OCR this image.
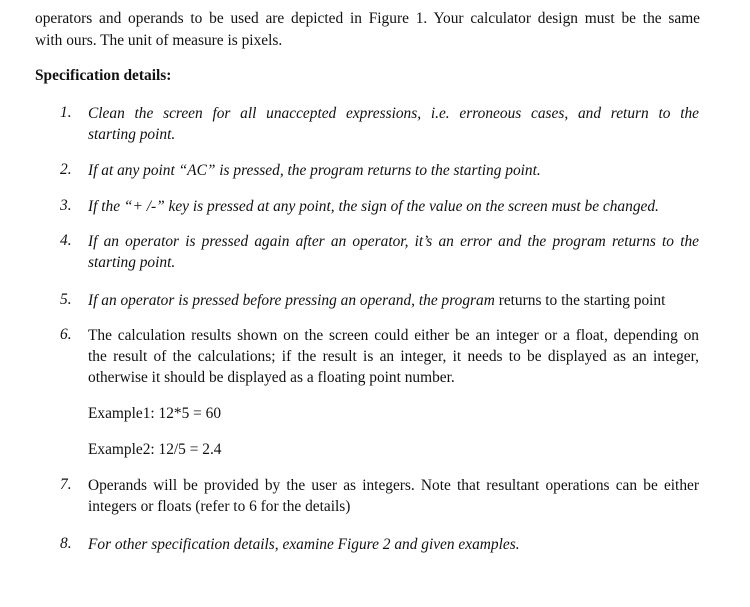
operators and operands to be used are depicted in Figure 1. Your calculator design must be the same
with ours. The unit of measure is pixels.
Specification details:
1. Clean the screen for all unaccepted expressions, i.e. erroneous cases, and return to the
starting point.
2. If at any point “AC” is pressed, the program returns to the starting point.
3. If the “+ /-” key is pressed at any point, the sign of the value on the screen must be changed.
4. If an operator is pressed again after an operator, it’s an error and the program returns to the
starting point.
5. If an operator is pressed before pressing an operand, the program returns to the starting point
6. The calculation results shown on the screen could either be an integer or a float, depending on
the result of the calculations; if the result is an integer, it needs to be displayed as an integer,
otherwise it should be displayed as a floating point number.
Example1: 12*5 = 60
Example2: 12/5 = 2.4
7. Operands will be provided by the user as integers. Note that resultant operations can be either
integers or floats (refer to 6 for the details)
8. For other specification details, examine Figure 2 and given examples.
